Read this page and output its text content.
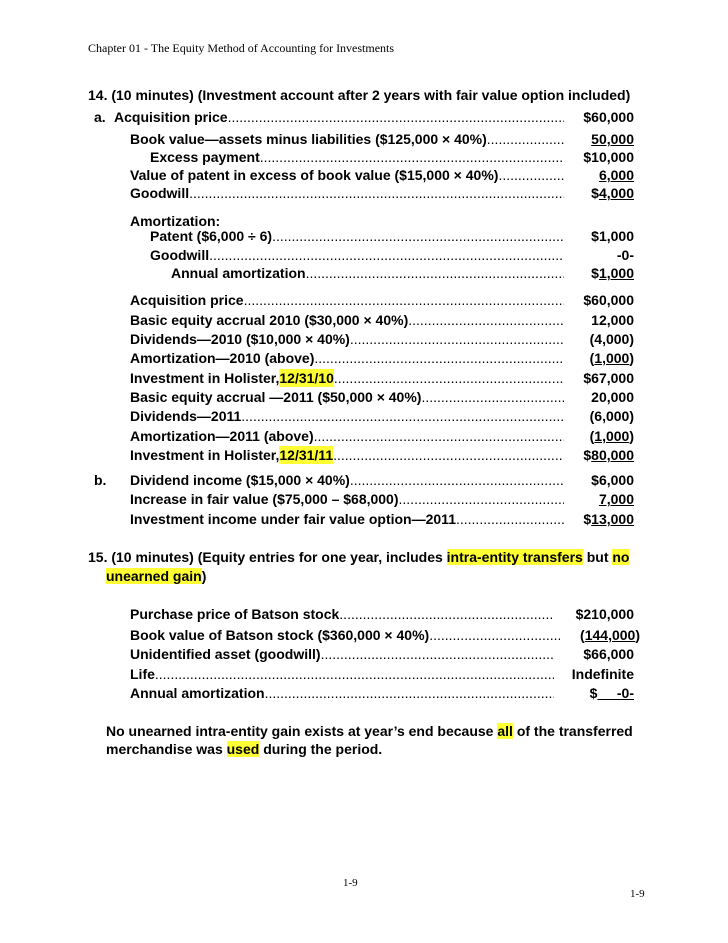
Chapter 01 - The Equity Method of Accounting for Investments
14. (10 minutes) (Investment account after 2 years with fair value option included)
a. Acquisition price .....	$60,000
Book value—assets minus liabilities ($125,000 × 40%) .....	50,000
Excess payment .....	$10,000
Value of patent in excess of book value ($15,000 × 40%) .....	6,000
Goodwill .....	$4,000
Amortization:
Patent ($6,000 ÷ 6) .....	$1,000
Goodwill .....	-0-
Annual amortization .....	$1,000
Acquisition price .....	$60,000
Basic equity accrual 2010 ($30,000 × 40%) .....	12,000
Dividends—2010 ($10,000 × 40%) .....	(4,000)
Amortization—2010 (above) .....	(1,000)
Investment in Holister, 12/31/10 .....	$67,000
Basic equity accrual —2011 ($50,000 × 40%) .....	20,000
Dividends—2011 .....	(6,000)
Amortization—2011 (above) .....	(1,000)
Investment in Holister, 12/31/11 .....	$80,000
b. Dividend income ($15,000 × 40%) .....	$6,000
Increase in fair value ($75,000 – $68,000) .....	7,000
Investment income under fair value option—2011 .....	$13,000
15. (10 minutes) (Equity entries for one year, includes intra-entity transfers but no
unearned gain)
Purchase price of Batson stock .....	$210,000
Book value of Batson stock ($360,000 × 40%) .....	(144,000)
Unidentified asset (goodwill) .....	$66,000
Life .....	Indefinite
Annual amortization .....	$     -0-
No unearned intra-entity gain exists at year’s end because all of the transferred
merchandise was used during the period.
1-9
1-9
